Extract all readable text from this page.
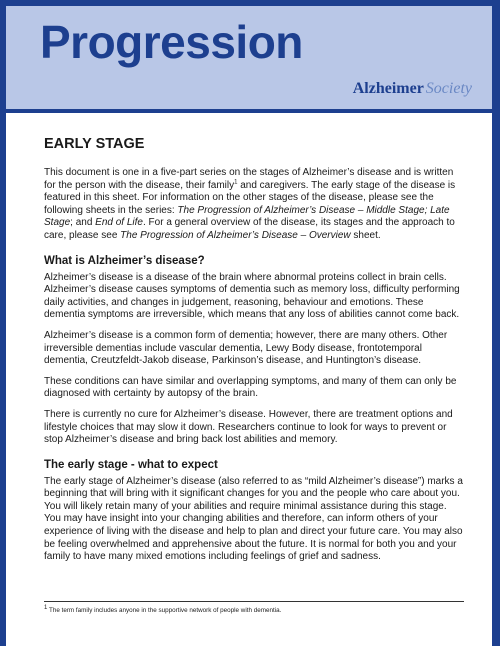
Progression
Alzheimer Society
EARLY STAGE

This document is one in a five-part series on the stages of Alzheimer’s disease and is written for the person with the disease, their family$^1$ and caregivers. The early stage of the disease is featured in this sheet. For information on the other stages of the disease, please see the following sheets in the series: The Progression of Alzheimer’s Disease – Middle Stage; Late Stage; and End of Life. For a general overview of the disease, its stages and the approach to care, please see The Progression of Alzheimer’s Disease – Overview sheet.

What is Alzheimer’s disease?

Alzheimer’s disease is a disease of the brain where abnormal proteins collect in brain cells. Alzheimer’s disease causes symptoms of dementia such as memory loss, difficulty performing daily activities, and changes in judgement, reasoning, behaviour and emotions. These dementia symptoms are irreversible, which means that any loss of abilities cannot come back.

Alzheimer’s disease is a common form of dementia; however, there are many others. Other irreversible dementias include vascular dementia, Lewy Body disease, frontotemporal dementia, Creutzfeldt-Jakob disease, Parkinson’s disease, and Huntington’s disease.

These conditions can have similar and overlapping symptoms, and many of them can only be diagnosed with certainty by autopsy of the brain.

There is currently no cure for Alzheimer’s disease. However, there are treatment options and lifestyle choices that may slow it down. Researchers continue to look for ways to prevent or stop Alzheimer’s disease and bring back lost abilities and memory.

The early stage - what to expect

The early stage of Alzheimer’s disease (also referred to as “mild Alzheimer’s disease”) marks a beginning that will bring with it significant changes for you and the people who care about you. You will likely retain many of your abilities and require minimal assistance during this stage. You may have insight into your changing abilities and therefore, can inform others of your experience of living with the disease and help to plan and direct your future care. You may also be feeling overwhelmed and apprehensive about the future. It is normal for both you and your family to have many mixed emotions including feelings of grief and sadness.

$^1$ The term family includes anyone in the supportive network of people with dementia.
